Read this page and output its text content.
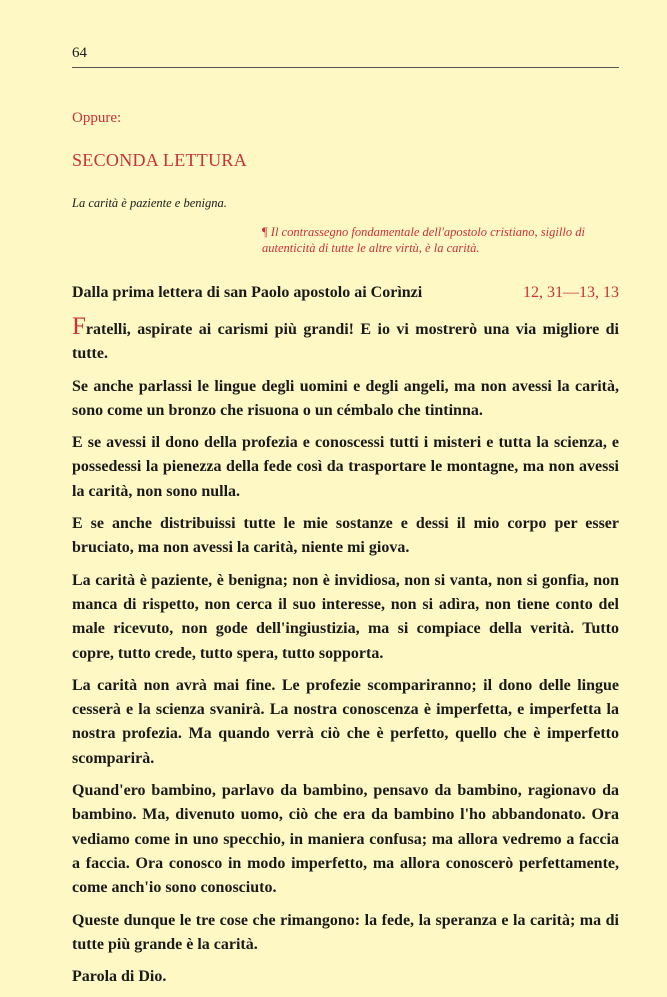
64
Oppure:
SECONDA LETTURA
La carità è paziente e benigna.
¶ Il contrassegno fondamentale dell'apostolo cristiano, sigillo di autenticità di tutte le altre virtù, è la carità.
Dalla prima lettera di san Paolo apostolo ai Corìnzi	12, 31—13, 13

Fratelli, aspirate ai carismi più grandi! E io vi mostrerò una via migliore di tutte.

Se anche parlassi le lingue degli uomini e degli angeli, ma non avessi la carità, sono come un bronzo che risuona o un cémbalo che tintinna.

E se avessi il dono della profezia e conoscessi tutti i misteri e tutta la scienza, e possedessi la pienezza della fede così da trasportare le montagne, ma non avessi la carità, non sono nulla.

E se anche distribuissi tutte le mie sostanze e dessi il mio corpo per esser bruciato, ma non avessi la carità, niente mi giova.

La carità è paziente, è benigna; non è invidiosa, non si vanta, non si gonfia, non manca di rispetto, non cerca il suo interesse, non si adìra, non tiene conto del male ricevuto, non gode dell'ingiustizia, ma si compiace della verità. Tutto copre, tutto crede, tutto spera, tutto sopporta.

La carità non avrà mai fine. Le profezie scompariranno; il dono delle lingue cesserà e la scienza svanirà. La nostra conoscenza è imperfetta, e imperfetta la nostra profezia. Ma quando verrà ciò che è perfetto, quello che è imperfetto scomparirà.

Quand'ero bambino, parlavo da bambino, pensavo da bambino, ragionavo da bambino. Ma, divenuto uomo, ciò che era da bambino l'ho abbandonato. Ora vediamo come in uno specchio, in maniera confusa; ma allora vedremo a faccia a faccia. Ora conosco in modo imperfetto, ma allora conoscerò perfettamente, come anch'io sono conosciuto.

Queste dunque le tre cose che rimangono: la fede, la speranza e la carità; ma di tutte più grande è la carità.

Parola di Dio.
